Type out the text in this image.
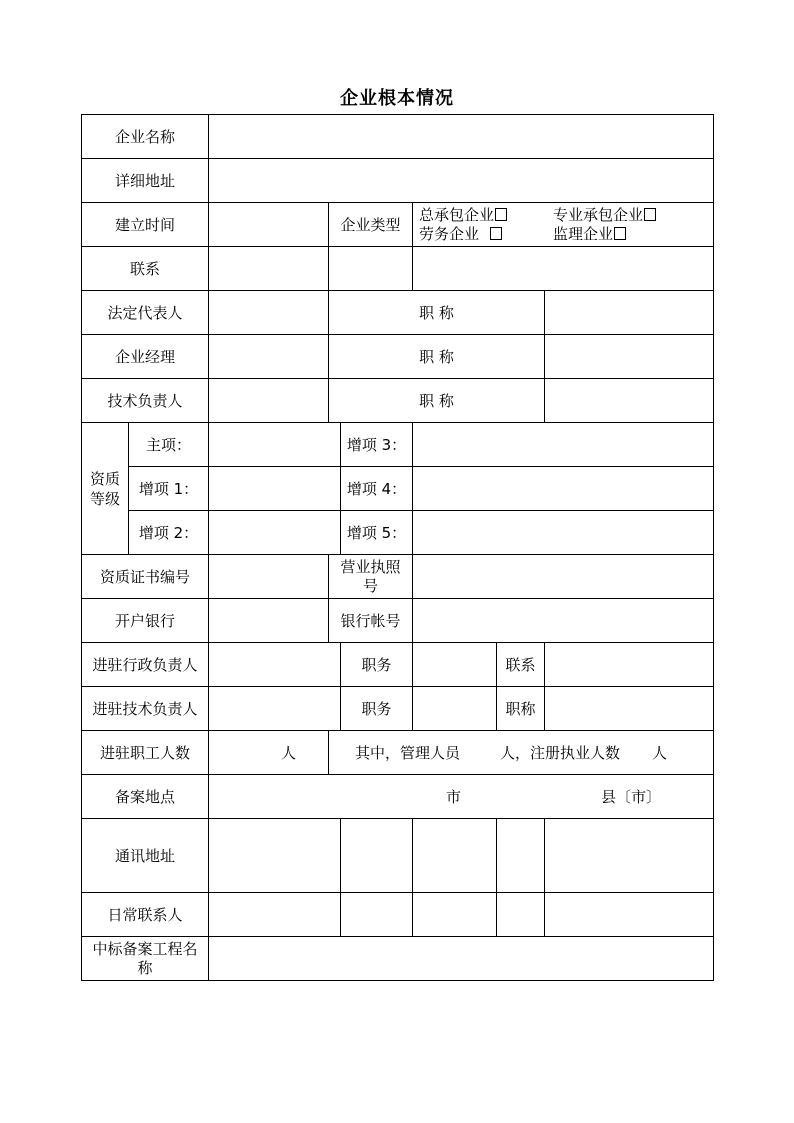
企业根本情况
企业名称							
详细地址							
建立时间			企业类型		总承包企业 专业承包企业
劳务企业 监理企业		

联系							
法定代表人			职 称				
企业经理			职 称				
技术负责人			职 称				

资质
等级	主项：			增项 3：			
	增项 1：			增项 4：			
	增项 2：			增项 5：			
资质证书编号			营业执照
号				

开户银行			银行帐号				
进驻行政负责人				职务		联系	
进驻技术负责人				职务		职称	
进驻职工人数		人	其中，管理人员 人，注册执业人数 人				
备案地点		市 县〔市〕					
通讯地址							
日常联系人							

中标备案工程名
称							
